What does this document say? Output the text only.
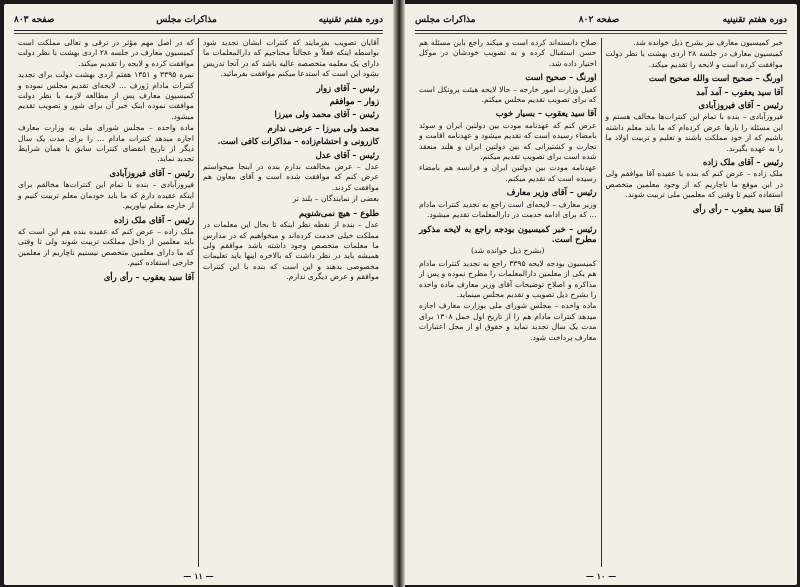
دوره هفتم تقنینیه
مذاکرات مجلس
صفحه ۸۰۳

آقایان تصویب بفرمایند که کنترات ایشان تجدید شود بواسطه اینکه فعلاً و عجالتاً محتاجیم که دارالمعلمات ما دارای یک معلمه متخصصه عالیه باشد که در آنجا تدریس بشود این است که استدعا میکنم موافقت بفرمائید.

رئیس – آقای زوار

زوار – موافقم

رئیس – آقای محمد ولی میرزا

محمد ولی میرزا – عرضی ندارم

کازرونی و احتشام‌زاده – مذاکرات کافی است.

رئیس – آقای عدل

عدل – عرض مخالفت ندارم بنده در اینجا میخواستم عرض کنم که موافقت شده است و آقای معاون هم موافقت کردند.

بعضی از نمایندگان – بلند تر

طلوع – هیچ نمی‌شنویم

عدل – بنده از نقطه نظر اینکه تا بحال این معلمات در مملکت خیلی خدمت کرده‌اند و میخواهیم که در مدارس ما معلمات متخصص وجود داشته باشد موافقم ولی همیشه باید در نظر داشت که بالاخره اینها باید تعلیمات مخصوصی بدهند و این است که بنده با این کنترات موافقم و عرض دیگری ندارم.

که در اصل مهم مؤثر در ترقی و تعالی مملکت است کمیسیون معارف در جلسه ۲۸ اردی بهشت با نظر دولت موافقت کرده و لایحه را تقدیم میکند.

نمره ۳۳۹۵ و ۱۳۵۱ هفتم اردی بهشت دولت برای تجدید کنترات مادام ژوزف ... لایحه‌ای تقدیم مجلس نموده و کمیسیون معارف پس از مطالعه لازمه با نظر دولت موافقت نموده اینک خبر آن برای شور و تصویب تقدیم میشود.

ماده واحده – مجلس شورای ملی به وزارت معارف اجازه میدهد کنترات مادام ... را برای مدت یک سال دیگر از تاریخ انقضای کنترات سابق با همان شرایط تجدید نماید.

رئیس – آقای فیروزآبادی

فیروزآبادی – بنده با تمام این کنترات‌ها مخالفم برای اینکه عقیده دارم که ما باید خودمان معلم تربیت کنیم و از خارجه معلم نیاوریم.

رئیس – آقای ملک زاده

ملک زاده – عرض کنم که عقیده بنده هم این است که باید معلمین از داخل مملکت تربیت شوند ولی تا وقتی که ما دارای معلمین متخصص نیستیم ناچاریم از معلمین خارجی استفاده کنیم.

آقا سید یعقوب – رأی رأی

— ۱۱ —
دوره هفتم تقنینیه
صفحه ۸۰۲
مذاکرات مجلس

خبر کمیسیون معارف نیز بشرح ذیل خوانده شد.

کمیسیون معارف در جلسه ۲۸ اردی بهشت با نظر دولت موافقت کرده است و لایحه را تقدیم میکند.

اورنگ – صحیح است والله صحیح است

آقا سید یعقوب – آمد آمد

رئیس – آقای فیروزآبادی

فیروزآبادی – بنده با تمام این کنترات‌ها مخالف هستم و این مسئله را بارها عرض کرده‌ام که ما باید معلم داشته باشیم که از خود مملکت باشند و تعلیم و تربیت اولاد ما را به عهده بگیرند.

رئیس – آقای ملک زاده

ملک زاده – عرض کنم که بنده با عقیده آقا موافقم ولی در این موقع ما ناچاریم که از وجود معلمین متخصص استفاده کنیم تا وقتی که معلمین ملی تربیت شوند.

آقا سید یعقوب – رأی رأی

صلاح دانسته‌اند کرده است و میکند راجع باین مسئله هم حسن استقبال کرده و به تصویب خودشان در موکل اختیار داده شد.

اورنگ – صحیح است

کفیل وزارت امور خارجه – حالا لایحه هیئت پروتکل است که برای تصویب تقدیم مجلس میکنم.

آقا سید یعقوب – بسیار خوب

عرض کنم که عهدنامه مودت بین دولتین ایران و سوئد بامضاء رسیده است که تقدیم میشود و عهدنامه اقامت و تجارت و کشتیرانی که بین دولتین ایران و هلند منعقد شده است برای تصویب تقدیم میکنم.

عهدنامه مودت بین دولتین ایران و فرانسه هم بامضاء رسیده است که تقدیم میکنم.

رئیس – آقای وزیر معارف

وزیر معارف – لایحه‌ای است راجع به تجدید کنترات مادام ... که برای ادامه خدمت در دارالمعلمات تقدیم میشود.

رئیس – خبر کمیسیون بودجه راجع به لایحه مذکور مطرح است.

(بشرح ذیل خوانده شد)

کمیسیون بودجه لایحه ۳۳۹۵ راجع به تجدید کنترات مادام هم یکی از معلمین دارالمعلمات را مطرح نموده و پس از مذاکره و اصلاح توضیحات آقای وزیر معارف ماده واحده را بشرح ذیل تصویب و تقدیم مجلس مینماید.

ماده واحده – مجلس شورای ملی بوزارت معارف اجازه میدهد کنترات مادام هم را از تاریخ اول حمل ۱۳۰۸ برای مدت یک سال تجدید نماید و حقوق او از محل اعتبارات معارف پرداخت شود.

— ۱۰ —
